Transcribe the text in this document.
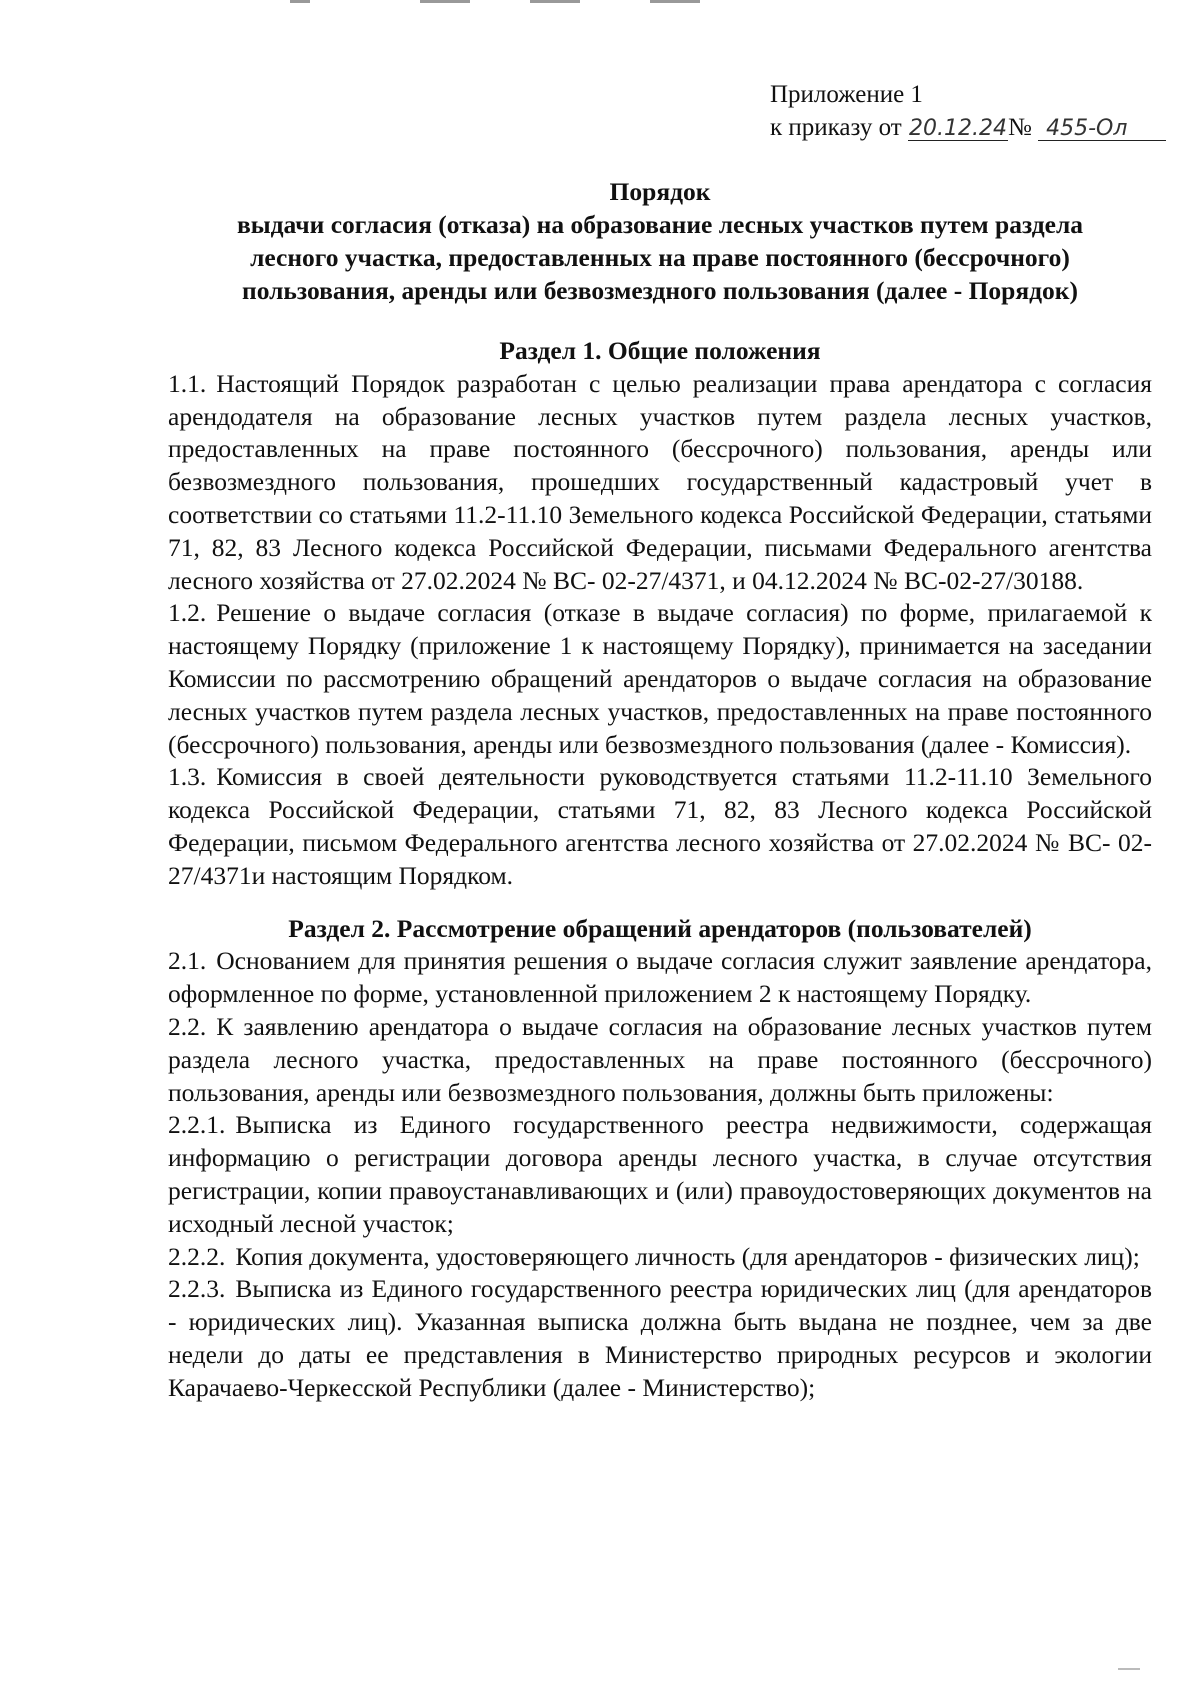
Приложение 1
к приказу от 20.12.24№ 455-Ол
Порядок
выдачи согласия (отказа) на образование лесных участков путем раздела
лесного участка, предоставленных на праве постоянного (бессрочного)
пользования, аренды или безвозмездного пользования (далее - Порядок)
Раздел 1. Общие положения

1.1. Настоящий Порядок разработан с целью реализации права арендатора с согласия арендодателя на образование лесных участков путем раздела лесных участков, предоставленных на праве постоянного (бессрочного) пользования, аренды или безвозмездного пользования, прошедших государственный кадастровый учет в соответствии со статьями 11.2-11.10 Земельного кодекса Российской Федерации, статьями 71, 82, 83 Лесного кодекса Российской Федерации, письмами Федерального агентства лесного хозяйства от 27.02.2024 № ВС- 02-27/4371, и 04.12.2024 № ВС-02-27/30188.

1.2. Решение о выдаче согласия (отказе в выдаче согласия) по форме, прилагаемой к настоящему Порядку (приложение 1 к настоящему Порядку), принимается на заседании Комиссии по рассмотрению обращений арендаторов о выдаче согласия на образование лесных участков путем раздела лесных участков, предоставленных на праве постоянного (бессрочного) пользования, аренды или безвозмездного пользования (далее - Комиссия).

1.3. Комиссия в своей деятельности руководствуется статьями 11.2-11.10 Земельного кодекса Российской Федерации, статьями 71, 82, 83 Лесного кодекса Российской Федерации, письмом Федерального агентства лесного хозяйства от 27.02.2024 № ВС- 02-27/4371и настоящим Порядком.

Раздел 2. Рассмотрение обращений арендаторов (пользователей)

2.1. Основанием для принятия решения о выдаче согласия служит заявление арендатора, оформленное по форме, установленной приложением 2 к настоящему Порядку.

2.2. К заявлению арендатора о выдаче согласия на образование лесных участков путем раздела лесного участка, предоставленных на праве постоянного (бессрочного) пользования, аренды или безвозмездного пользования, должны быть приложены:

2.2.1. Выписка из Единого государственного реестра недвижимости, содержащая информацию о регистрации договора аренды лесного участка, в случае отсутствия регистрации, копии правоустанавливающих и (или) правоудостоверяющих документов на исходный лесной участок;

2.2.2. Копия документа, удостоверяющего личность (для арендаторов - физических лиц);

2.2.3. Выписка из Единого государственного реестра юридических лиц (для арендаторов - юридических лиц). Указанная выписка должна быть выдана не позднее, чем за две недели до даты ее представления в Министерство природных ресурсов и экологии Карачаево-Черкесской Республики (далее - Министерство);
